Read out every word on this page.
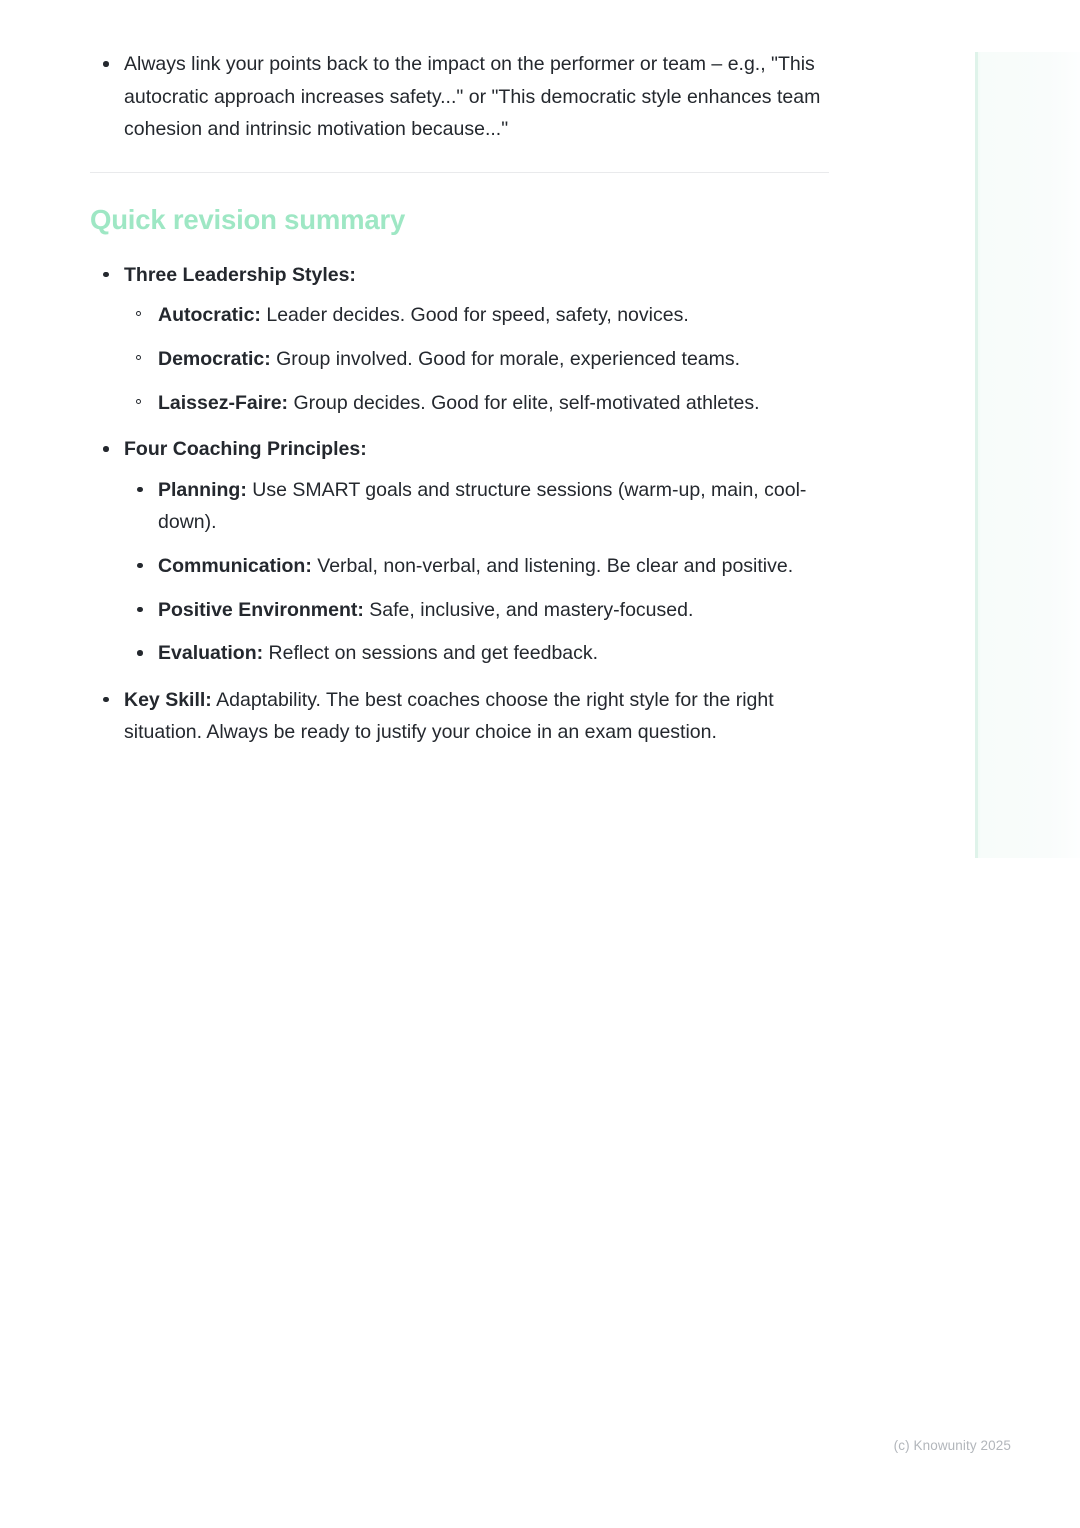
Always link your points back to the impact on the performer or team – e.g., "This autocratic approach increases safety..." or "This democratic style enhances team cohesion and intrinsic motivation because..."
Quick revision summary
Three Leadership Styles:
Autocratic: Leader decides. Good for speed, safety, novices.
Democratic: Group involved. Good for morale, experienced teams.
Laissez-Faire: Group decides. Good for elite, self-motivated athletes.
Four Coaching Principles:
Planning: Use SMART goals and structure sessions (warm-up, main, cool-down).
Communication: Verbal, non-verbal, and listening. Be clear and positive.
Positive Environment: Safe, inclusive, and mastery-focused.
Evaluation: Reflect on sessions and get feedback.
Key Skill: Adaptability. The best coaches choose the right style for the right situation. Always be ready to justify your choice in an exam question.
(c) Knowunity 2025
